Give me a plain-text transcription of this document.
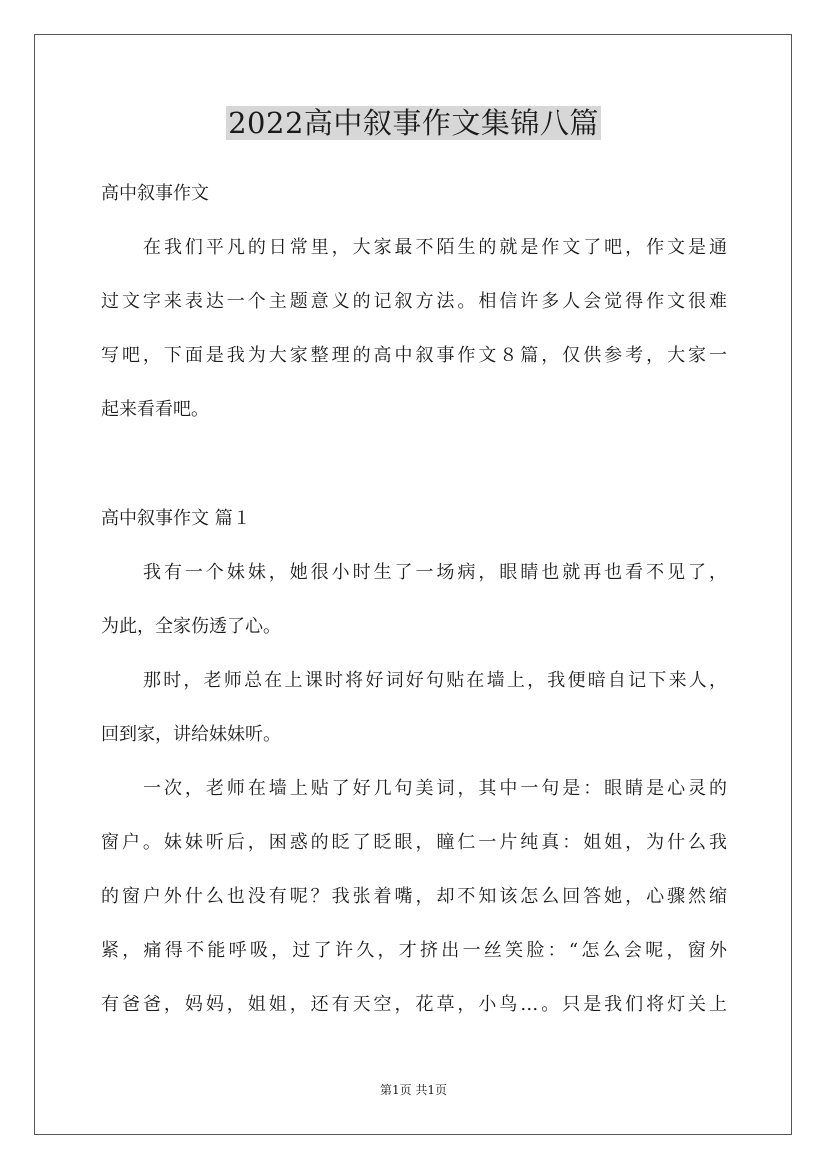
2022高中叙事作文集锦八篇

高中叙事作文

在我们平凡的日常里，大家最不陌生的就是作文了吧，作文是通

过文字来表达一个主题意义的记叙方法。相信许多人会觉得作文很难

写吧，下面是我为大家整理的高中叙事作文８篇，仅供参考，大家一

起来看看吧。

高中叙事作文 篇１

我有一个妹妹，她很小时生了一场病，眼睛也就再也看不见了，

为此，全家伤透了心。

那时，老师总在上课时将好词好句贴在墙上，我便暗自记下来人，

回到家，讲给妹妹听。

一次，老师在墙上贴了好几句美词，其中一句是：眼睛是心灵的

窗户。妹妹听后，困惑的眨了眨眼，瞳仁一片纯真：姐姐，为什么我

的窗户外什么也没有呢？我张着嘴，却不知该怎么回答她，心骤然缩

紧，痛得不能呼吸，过了许久，才挤出一丝笑脸：“怎么会呢，窗外

有爸爸，妈妈，姐姐，还有天空，花草，小鸟…。只是我们将灯关上

第1页 共1页
